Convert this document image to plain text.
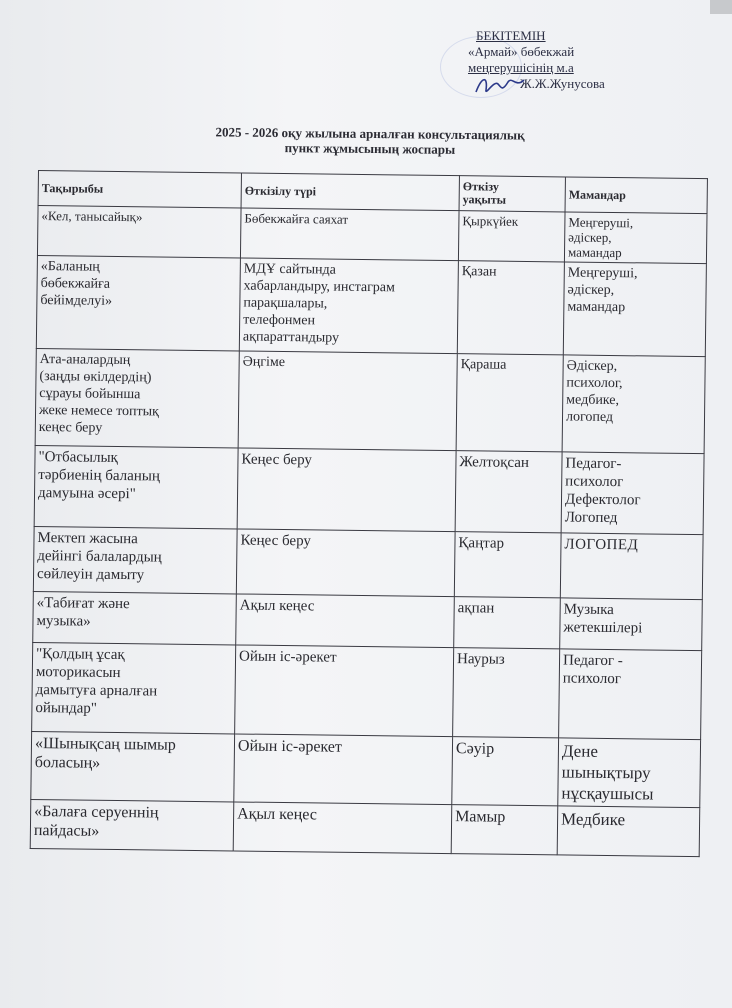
БЕКІТЕМІН
«Армай» бөбекжай
меңгерушісінің м.а
Ж.Ж.Жунусова
2025 - 2026 оқу жылына арналған консультациялық
пункт жұмысының жоспары
Тақырыбы	Өткізілу түрі	Өткізу
уақыты	Мамандар
«Кел, танысайық»	Бөбекжайға саяхат	Қыркүйек	Меңгеруші,
әдіскер,
мамандар
«Баланың
бөбекжайға
бейімделуі»	МДҰ сайтында
хабарландыру, инстаграм
парақшалары,
телефонмен
ақпараттандыру	Қазан	Меңгеруші,
әдіскер,
мамандар
Ата-аналардың
(заңды өкілдердің)
сұрауы бойынша
жеке немесе топтық
кеңес беру	Әңгіме	Қараша	Әдіскер,
психолог,
медбике,
логопед
"Отбасылық
тәрбиенің баланың
дамуына әсері"	Кеңес беру	Желтоқсан	Педагог-
психолог
Дефектолог
Логопед
Мектеп жасына
дейінгі балалардың
сөйлеуін дамыту	Кеңес беру	Қаңтар	ЛОГОПЕД
«Табиғат және
музыка»	Ақыл кеңес	ақпан	Музыка
жетекшілері
"Қолдың ұсақ
моторикасын
дамытуға арналған
ойындар"	Ойын іс-әрекет	Наурыз	Педагог -
психолог
«Шынықсаң шымыр
боласың»	Ойын іс-әрекет	Сәуір	Дене
шынықтыру
нұсқаушысы
«Балаға серуеннің
пайдасы»	Ақыл кеңес	Мамыр	Медбике
